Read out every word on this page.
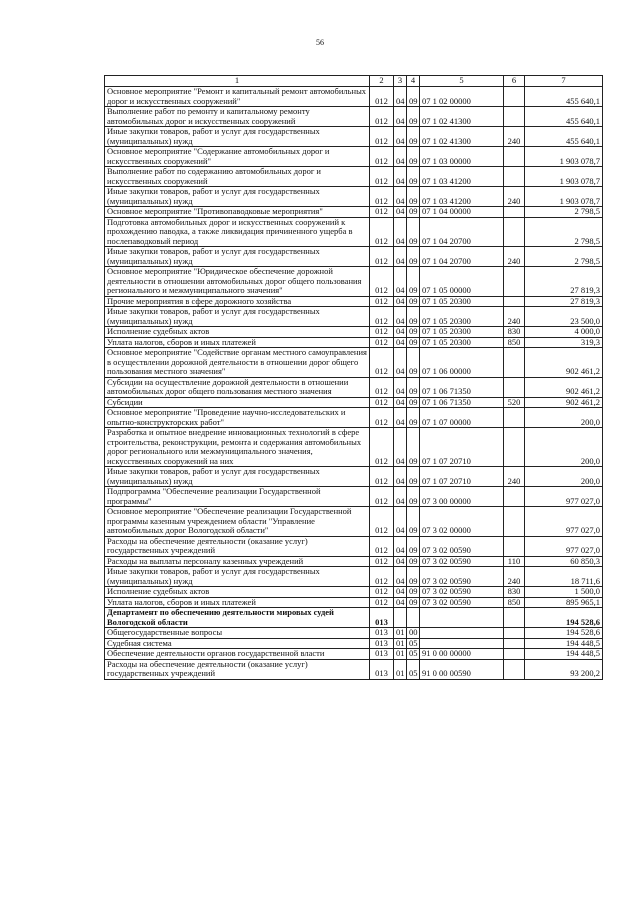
56
1	2	3	4	5	6	7
Основное мероприятие "Ремонт и капитальный ремонт автомобильных дорог и искусственных сооружений"	012	04	09	07 1 02 00000		455 640,1
Выполнение работ по ремонту и капитальному ремонту автомобильных дорог и искусственных сооружений	012	04	09	07 1 02 41300		455 640,1
Иные закупки товаров, работ и услуг для государственных (муниципальных) нужд	012	04	09	07 1 02 41300	240	455 640,1
Основное мероприятие "Содержание автомобильных дорог и искусственных сооружений"	012	04	09	07 1 03 00000		1 903 078,7
Выполнение работ по содержанию автомобильных дорог и искусственных сооружений	012	04	09	07 1 03 41200		1 903 078,7
Иные закупки товаров, работ и услуг для государственных (муниципальных) нужд	012	04	09	07 1 03 41200	240	1 903 078,7
Основное мероприятие "Противопаводковые мероприятия"	012	04	09	07 1 04 00000		2 798,5
Подготовка автомобильных дорог и искусственных сооружений к прохождению паводка, а также ликвидация причиненного ущерба в послепаводковый период	012	04	09	07 1 04 20700		2 798,5
Иные закупки товаров, работ и услуг для государственных (муниципальных) нужд	012	04	09	07 1 04 20700	240	2 798,5
Основное мероприятие "Юридическое обеспечение дорожной деятельности в отношении автомобильных дорог общего пользования регионального и межмуниципального значения"	012	04	09	07 1 05 00000		27 819,3
Прочие мероприятия в сфере дорожного хозяйства	012	04	09	07 1 05 20300		27 819,3
Иные закупки товаров, работ и услуг для государственных (муниципальных) нужд	012	04	09	07 1 05 20300	240	23 500,0
Исполнение судебных актов	012	04	09	07 1 05 20300	830	4 000,0
Уплата налогов, сборов и иных платежей	012	04	09	07 1 05 20300	850	319,3
Основное мероприятие "Содействие органам местного самоуправления в осуществлении дорожной деятельности в отношении дорог общего пользования местного значения"	012	04	09	07 1 06 00000		902 461,2
Субсидии на осуществление дорожной деятельности в отношении автомобильных дорог общего пользования местного значения	012	04	09	07 1 06 71350		902 461,2
Субсидии	012	04	09	07 1 06 71350	520	902 461,2
Основное мероприятие "Проведение научно-исследовательских и опытно-конструкторских работ"	012	04	09	07 1 07 00000		200,0
Разработка и опытное внедрение инновационных технологий в сфере строительства, реконструкции, ремонта и содержания автомобильных дорог регионального или межмуниципального значения, искусственных сооружений на них	012	04	09	07 1 07 20710		200,0
Иные закупки товаров, работ и услуг для государственных (муниципальных) нужд	012	04	09	07 1 07 20710	240	200,0
Подпрограмма "Обеспечение реализации Государственной программы"	012	04	09	07 3 00 00000		977 027,0
Основное мероприятие "Обеспечение реализации Государственной программы казенным учреждением области "Управление автомобильных дорог Вологодской области"	012	04	09	07 3 02 00000		977 027,0
Расходы на обеспечение деятельности (оказание услуг) государственных учреждений	012	04	09	07 3 02 00590		977 027,0
Расходы на выплаты персоналу казенных учреждений	012	04	09	07 3 02 00590	110	60 850,3
Иные закупки товаров, работ и услуг для государственных (муниципальных) нужд	012	04	09	07 3 02 00590	240	18 711,6
Исполнение судебных актов	012	04	09	07 3 02 00590	830	1 500,0
Уплата налогов, сборов и иных платежей	012	04	09	07 3 02 00590	850	895 965,1
Департамент по обеспечению деятельности мировых судей Вологодской области	013					194 528,6
Общегосударственные вопросы	013	01	00			194 528,6
Судебная система	013	01	05			194 448,5
Обеспечение деятельности органов государственной власти	013	01	05	91 0 00 00000		194 448,5
Расходы на обеспечение деятельности (оказание услуг) государственных учреждений	013	01	05	91 0 00 00590		93 200,2
